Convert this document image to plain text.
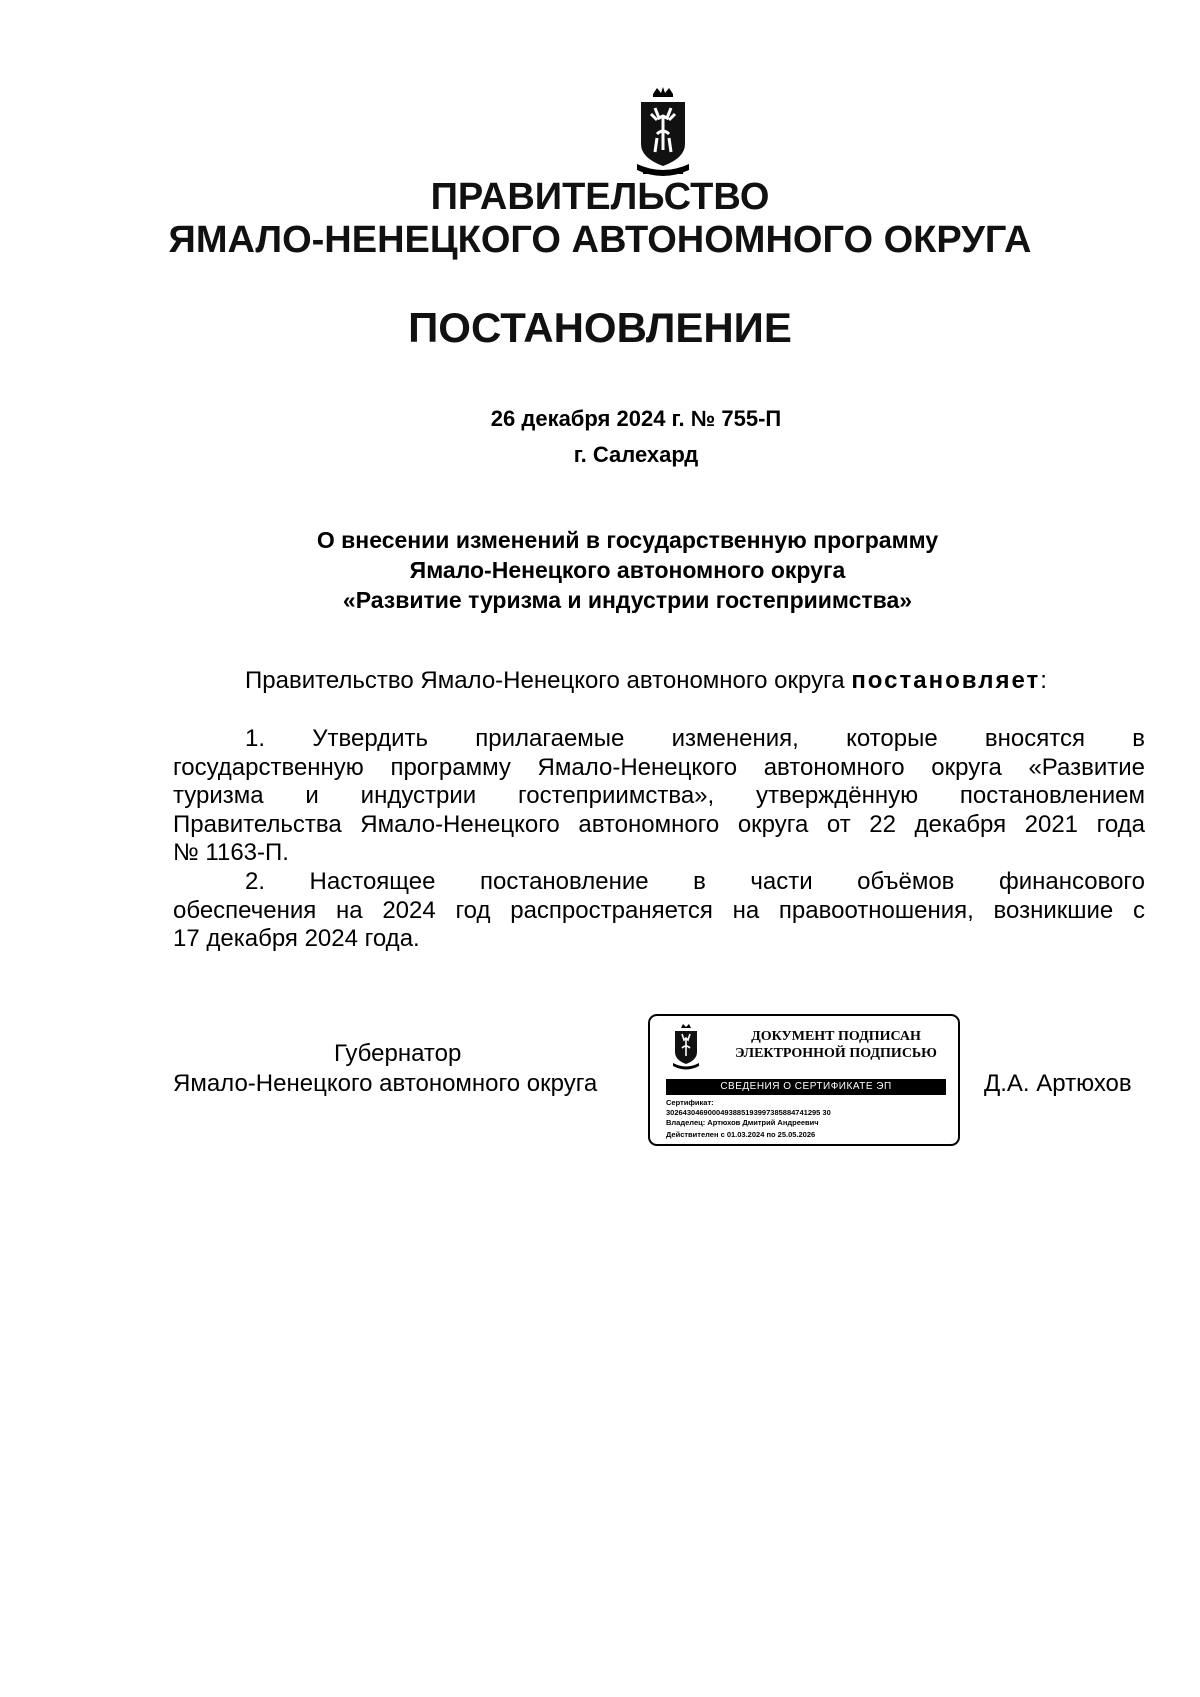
ПРАВИТЕЛЬСТВО
ЯМАЛО-НЕНЕЦКОГО АВТОНОМНОГО ОКРУГА
ПОСТАНОВЛЕНИЕ
26 декабря 2024 г. № 755-П
г. Салехард
О внесении изменений в государственную программу
Ямало-Ненецкого автономного округа
«Развитие туризма и индустрии гостеприимства»
Правительство Ямало-Ненецкого автономного округа постановляет:
1. Утвердить прилагаемые изменения, которые вносятся в
государственную программу Ямало-Ненецкого автономного округа «Развитие
туризма и индустрии гостеприимства», утверждённую постановлением
Правительства Ямало-Ненецкого автономного округа от 22 декабря 2021 года
№ 1163-П.
2. Настоящее постановление в части объёмов финансового
обеспечения на 2024 год распространяется на правоотношения, возникшие с
17 декабря 2024 года.
Губернатор
Ямало-Ненецкого автономного округа
ДОКУМЕНТ ПОДПИСАН
ЭЛЕКТРОННОЙ ПОДПИСЬЮ
СВЕДЕНИЯ О СЕРТИФИКАТЕ ЭП
Сертификат:
3026430469000493885193997385884741295 30
Владелец: Артюхов Дмитрий Андреевич
Действителен с 01.03.2024 по 25.05.2026
Д.А. Артюхов
